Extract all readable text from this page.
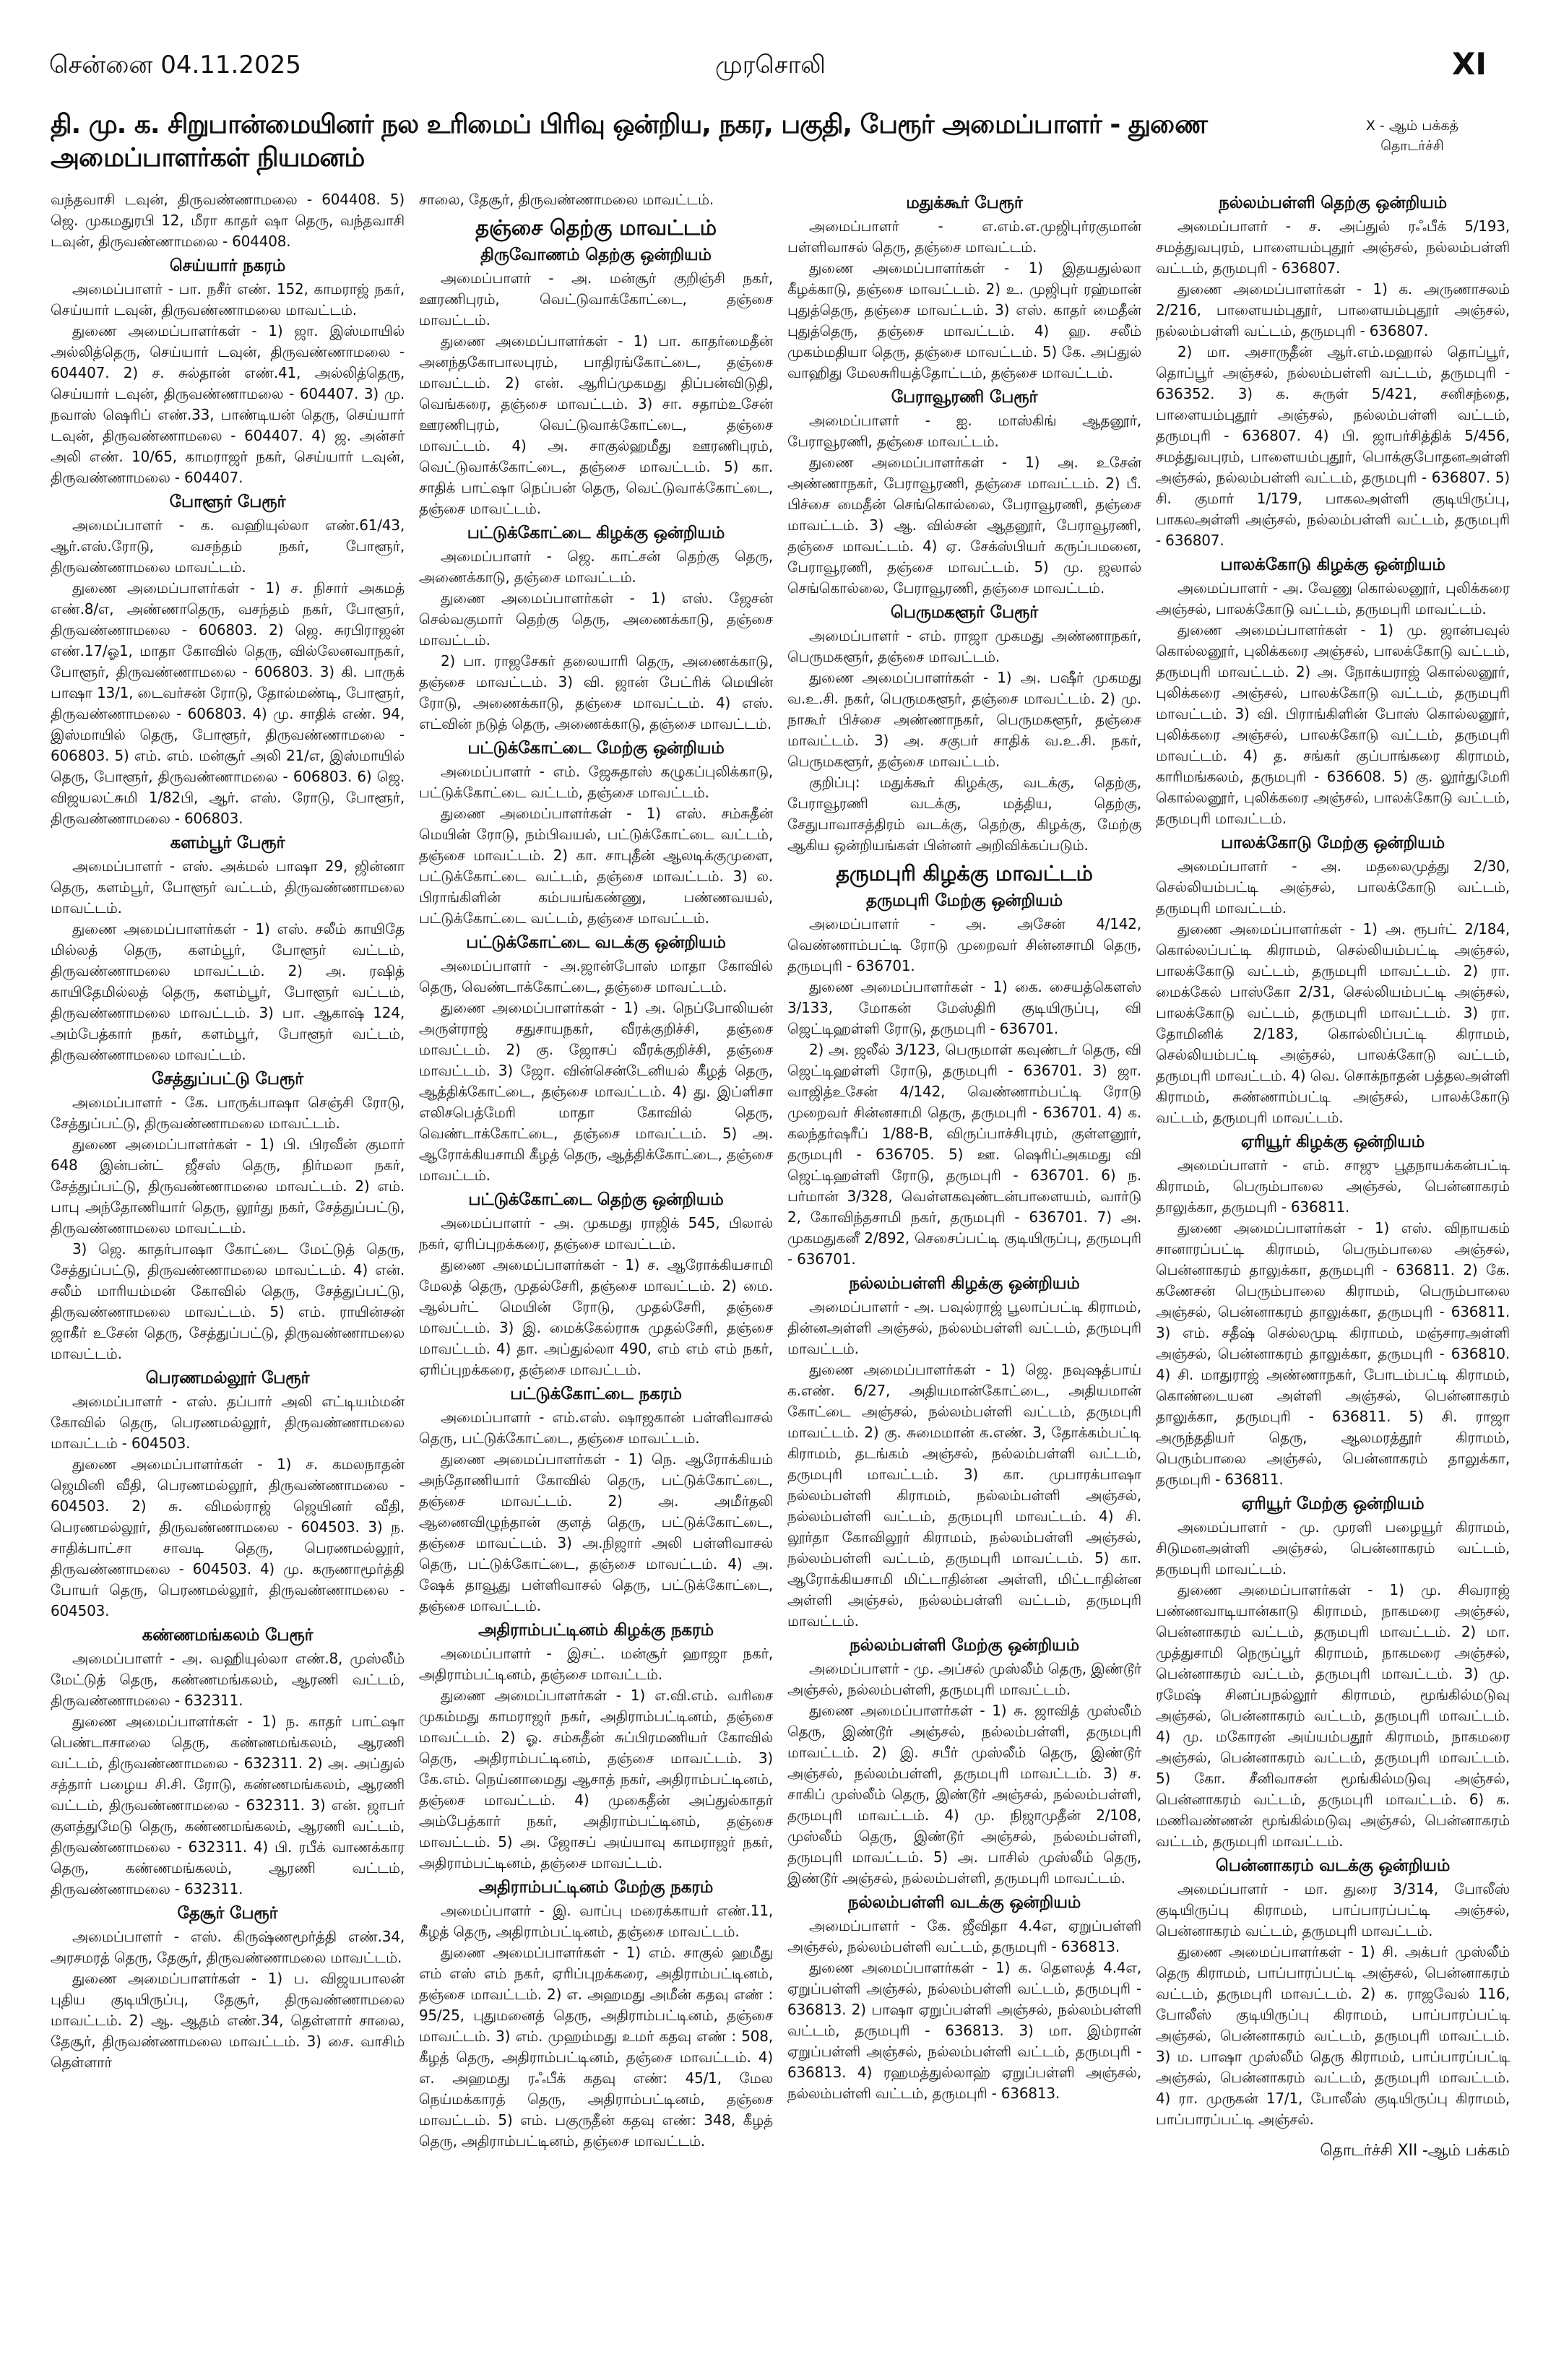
சென்னை 04.11.2025	முரசொலி	XI
தி. மு. க. சிறுபான்மையினர் நல உரிமைப் பிரிவு ஒன்றிய, நகர, பகுதி, பேரூர் அமைப்பாளர் - துணை அமைப்பாளர்கள் நியமனம்
X - ஆம் பக்கத் தொடர்ச்சி
வந்தவாசி டவுன், திருவண்ணாமலை - 604408. 5) ஜெ. முகமதுரபி 12, மீரா காதர் ஷா தெரு, வந்தவாசி டவுன், திருவண்ணாமலை - 604408.
செய்யார் நகரம்
அமைப்பாளர் - பா. நசீர் எண். 152, காமராஜ் நகர், செய்யார் டவுன், திருவண்ணாமலை மாவட்டம்.
துணை அமைப்பாளர்கள் - 1) ஜா. இஸ்மாயில் அல்லித்தெரு, செய்யார் டவுன், திருவண்ணாமலை - 604407. 2) ச. சுல்தான் எண்.41, அல்லித்தெரு, செய்யார் டவுன், திருவண்ணாமலை - 604407. 3) மு. நவாஸ் ஷெரிப் எண்.33, பாண்டியன் தெரு, செய்யார் டவுன், திருவண்ணாமலை - 604407. 4) ஜ. அன்சர் அலி எண். 10/65, காமராஜர் நகர், செய்யார் டவுன், திருவண்ணாமலை - 604407.
போளூர் பேரூர்
அமைப்பாளர் - க. வஹியுல்லா எண்.61/43, ஆர்.எஸ்.ரோடு, வசந்தம் நகர், போளூர், திருவண்ணாமலை மாவட்டம்.
துணை அமைப்பாளர்கள் - 1) ச. நிசார் அகமத் எண்.8/எ, அண்ணாதெரு, வசந்தம் நகர், போளூர், திருவண்ணாமலை - 606803. 2) ஜெ. சுரபிராஜன் எண்.17/ஓ1, மாதா கோவில் தெரு, வில்லேனவாநகர், போளூர், திருவண்ணாமலை - 606803. 3) கி. பாருக் பாஷா 13/1, டைவர்சன் ரோடு, தோல்மண்டி, போளூர், திருவண்ணாமலை - 606803. 4) மு. சாதிக் எண். 94, இஸ்மாயில் தெரு, போளூர், திருவண்ணாமலை - 606803. 5) எம். எம். மன்சூர் அலி 21/எ, இஸ்மாயில் தெரு, போளூர், திருவண்ணாமலை - 606803. 6) ஜெ. விஜயலட்சுமி 1/82பி, ஆர். எஸ். ரோடு, போளூர், திருவண்ணாமலை - 606803.
களம்பூர் பேரூர்
அமைப்பாளர் - எஸ். அக்மல் பாஷா 29, ஜின்னா தெரு, களம்பூர், போளூர் வட்டம், திருவண்ணாமலை மாவட்டம்.
துணை அமைப்பாளர்கள் - 1) எஸ். சலீம் காயிதே மில்லத் தெரு, களம்பூர், போளூர் வட்டம், திருவண்ணாமலை மாவட்டம். 2) அ. ரஷித் காயிதேமில்லத் தெரு, களம்பூர், போளூர் வட்டம், திருவண்ணாமலை மாவட்டம். 3) பா. ஆகாஷ் 124, அம்பேத்கார் நகர், களம்பூர், போளூர் வட்டம், திருவண்ணாமலை மாவட்டம்.
சேத்துப்பட்டு பேரூர்
அமைப்பாளர் - கே. பாருக்பாஷா செஞ்சி ரோடு, சேத்துப்பட்டு, திருவண்ணாமலை மாவட்டம்.
துணை அமைப்பாளர்கள் - 1) பி. பிரவீன் குமார் 648 இன்பன்ட் ஜீசஸ் தெரு, நிர்மலா நகர், சேத்துப்பட்டு, திருவண்ணாமலை மாவட்டம். 2) எம். பாபு அந்தோணியார் தெரு, லூர்து நகர், சேத்துப்பட்டு, திருவண்ணாமலை மாவட்டம்.
3) ஜெ. காதர்பாஷா கோட்டை மேட்டுத் தெரு, சேத்துப்பட்டு, திருவண்ணாமலை மாவட்டம். 4) என். சலீம் மாரியம்மன் கோவில் தெரு, சேத்துப்பட்டு, திருவண்ணாமலை மாவட்டம். 5) எம். ராயின்சன் ஜாகீர் உசேன் தெரு, சேத்துப்பட்டு, திருவண்ணாமலை மாவட்டம்.
பெரணமல்லூர் பேரூர்
அமைப்பாளர் - எஸ். தப்பார் அலி எட்டியம்மன் கோவில் தெரு, பெரணமல்லூர், திருவண்ணாமலை மாவட்டம் - 604503.
துணை அமைப்பாளர்கள் - 1) ச. கமலநாதன் ஜெமினி வீதி, பெரணமல்லூர், திருவண்ணாமலை - 604503. 2) சு. விமல்ராஜ் ஜெயினர் வீதி, பெரணமல்லூர், திருவண்ணாமலை - 604503. 3) ந. சாதிக்பாட்சா சாவடி தெரு, பெரணமல்லூர், திருவண்ணாமலை - 604503. 4) மு. கருணாமூர்த்தி போயர் தெரு, பெரணமல்லூர், திருவண்ணாமலை - 604503.
கண்ணமங்கலம் பேரூர்
அமைப்பாளர் - அ. வஹியுல்லா எண்.8, முஸ்லீம் மேட்டுத் தெரு, கண்ணமங்கலம், ஆரணி வட்டம், திருவண்ணாமலை - 632311.
துணை அமைப்பாளர்கள் - 1) ந. காதர் பாட்ஷா பெண்டாசாலை தெரு, கண்ணமங்கலம், ஆரணி வட்டம், திருவண்ணாமலை - 632311. 2) அ. அப்துல் சத்தார் பழைய சி.சி. ரோடு, கண்ணமங்கலம், ஆரணி வட்டம், திருவண்ணாமலை - 632311. 3) என். ஜாபர் குளத்துமேடு தெரு, கண்ணமங்கலம், ஆரணி வட்டம், திருவண்ணாமலை - 632311. 4) பி. ரபீக் வாணக்கார தெரு, கண்ணமங்கலம், ஆரணி வட்டம், திருவண்ணாமலை - 632311.
தேசூர் பேரூர்
அமைப்பாளர் - எஸ். கிருஷ்ணமூர்த்தி எண்.34, அரசமரத் தெரு, தேசூர், திருவண்ணாமலை மாவட்டம்.
துணை அமைப்பாளர்கள் - 1) ப. விஜயபாலன் புதிய குடியிருப்பு, தேசூர், திருவண்ணாமலை மாவட்டம். 2) ஆ. ஆதம் எண்.34, தெள்ளார் சாலை, தேசூர், திருவண்ணாமலை மாவட்டம். 3) சை. வாசிம் தெள்ளார்
சாலை, தேசூர், திருவண்ணாமலை மாவட்டம்.
தஞ்சை தெற்கு மாவட்டம்
திருவோணம் தெற்கு ஒன்றியம்
அமைப்பாளர் - அ. மன்சூர் குறிஞ்சி நகர், ஊரணிபுரம், வெட்டுவாக்கோட்டை, தஞ்சை மாவட்டம்.
துணை அமைப்பாளர்கள் - 1) பா. காதர்மைதீன் அனந்தகோபாலபுரம், பாதிரங்கோட்டை, தஞ்சை மாவட்டம். 2) என். ஆரிப்முகமது திப்பன்விடுதி, வெங்கரை, தஞ்சை மாவட்டம். 3) சா. சதாம்உசேன் ஊரணிபுரம், வெட்டுவாக்கோட்டை, தஞ்சை மாவட்டம். 4) அ. சாகுல்ஹமீது ஊரணிபுரம், வெட்டுவாக்கோட்டை, தஞ்சை மாவட்டம். 5) கா. சாதிக் பாட்ஷா நெப்பன் தெரு, வெட்டுவாக்கோட்டை, தஞ்சை மாவட்டம்.
பட்டுக்கோட்டை கிழக்கு ஒன்றியம்
அமைப்பாளர் - ஜெ. காட்சன் தெற்கு தெரு, அணைக்காடு, தஞ்சை மாவட்டம்.
துணை அமைப்பாளர்கள் - 1) எஸ். ஜேசன் செல்வகுமார் தெற்கு தெரு, அணைக்காடு, தஞ்சை மாவட்டம்.
2) பா. ராஜசேகர் தலையாரி தெரு, அணைக்காடு, தஞ்சை மாவட்டம். 3) வி. ஜான் பேட்ரிக் மெயின் ரோடு, அணைக்காடு, தஞ்சை மாவட்டம். 4) எஸ். எட்வின் நடுத் தெரு, அணைக்காடு, தஞ்சை மாவட்டம்.
பட்டுக்கோட்டை மேற்கு ஒன்றியம்
அமைப்பாளர் - எம். ஜேசுதாஸ் கழுகப்புலிக்காடு, பட்டுக்கோட்டை வட்டம், தஞ்சை மாவட்டம்.
துணை அமைப்பாளர்கள் - 1) எஸ். சம்சுதீன் மெயின் ரோடு, நம்பிவயல், பட்டுக்கோட்டை வட்டம், தஞ்சை மாவட்டம். 2) கா. சாபுதீன் ஆலடிக்குமுளை, பட்டுக்கோட்டை வட்டம், தஞ்சை மாவட்டம். 3) ல. பிராங்கிளின் கம்பயங்கண்ணு, பண்ணவயல், பட்டுக்கோட்டை வட்டம், தஞ்சை மாவட்டம்.
பட்டுக்கோட்டை வடக்கு ஒன்றியம்
அமைப்பாளர் - அ.ஜான்போஸ் மாதா கோவில் தெரு, வெண்டாக்கோட்டை, தஞ்சை மாவட்டம்.
துணை அமைப்பாளர்கள் - 1) அ. நெப்போலியன் அருள்ராஜ் சதுசாயநகர், வீரக்குறிச்சி, தஞ்சை மாவட்டம். 2) கு. ஜோசப் வீரக்குறிச்சி, தஞ்சை மாவட்டம். 3) ஜோ. வின்சென்டேனியல் கீழத் தெரு, ஆத்திக்கோட்டை, தஞ்சை மாவட்டம். 4) து. இப்ளிசா எலிசபெத்மேரி மாதா கோவில் தெரு, வெண்டாக்கோட்டை, தஞ்சை மாவட்டம். 5) அ. ஆரோக்கியசாமி கீழத் தெரு, ஆத்திக்கோட்டை, தஞ்சை மாவட்டம்.
பட்டுக்கோட்டை தெற்கு ஒன்றியம்
அமைப்பாளர் - அ. முகமது ராஜிக் 545, பிலால் நகர், ஏரிப்புறக்கரை, தஞ்சை மாவட்டம்.
துணை அமைப்பாளர்கள் - 1) ச. ஆரோக்கியசாமி மேலத் தெரு, முதல்சேரி, தஞ்சை மாவட்டம். 2) மை. ஆல்பர்ட் மெயின் ரோடு, முதல்சேரி, தஞ்சை மாவட்டம். 3) இ. மைக்கேல்ராசு முதல்சேரி, தஞ்சை மாவட்டம். 4) தா. அப்துல்லா 490, எம் எம் எம் நகர், ஏரிப்புறக்கரை, தஞ்சை மாவட்டம்.
பட்டுக்கோட்டை நகரம்
அமைப்பாளர் - எம்.எஸ். ஷாஜகான் பள்ளிவாசல் தெரு, பட்டுக்கோட்டை, தஞ்சை மாவட்டம்.
துணை அமைப்பாளர்கள் - 1) நெ. ஆரோக்கியம் அந்தோணியார் கோவில் தெரு, பட்டுக்கோட்டை, தஞ்சை மாவட்டம். 2) அ. அமீர்தலி ஆணைவிழுந்தான் குளத் தெரு, பட்டுக்கோட்டை, தஞ்சை மாவட்டம். 3) அ.நிஜார் அலி பள்ளிவாசல் தெரு, பட்டுக்கோட்டை, தஞ்சை மாவட்டம். 4) அ. ஷேக் தாவூது பள்ளிவாசல் தெரு, பட்டுக்கோட்டை, தஞ்சை மாவட்டம்.
அதிராம்பட்டினம் கிழக்கு நகரம்
அமைப்பாளர் - இசட். மன்சூர் ஹாஜா நகர், அதிராம்பட்டினம், தஞ்சை மாவட்டம்.
துணை அமைப்பாளர்கள் - 1) எ.வி.எம். வரிசை முகம்மது காமராஜர் நகர், அதிராம்பட்டினம், தஞ்சை மாவட்டம். 2) ஓ. சம்சுதீன் சுப்பிரமணியர் கோவில் தெரு, அதிராம்பட்டினம், தஞ்சை மாவட்டம். 3) கே.எம். நெய்னாமைது ஆசாத் நகர், அதிராம்பட்டினம், தஞ்சை மாவட்டம். 4) முகைதீன் அப்துல்காதர் அம்பேத்கார் நகர், அதிராம்பட்டினம், தஞ்சை மாவட்டம். 5) அ. ஜோசப் அய்யாவு காமராஜர் நகர், அதிராம்பட்டினம், தஞ்சை மாவட்டம்.
அதிராம்பட்டினம் மேற்கு நகரம்
அமைப்பாளர் - இ. வாப்பு மரைக்காயர் எண்.11, கீழத் தெரு, அதிராம்பட்டினம், தஞ்சை மாவட்டம்.
துணை அமைப்பாளர்கள் - 1) எம். சாகுல் ஹமீது எம் எஸ் எம் நகர், ஏரிப்புறக்கரை, அதிராம்பட்டினம், தஞ்சை மாவட்டம். 2) எ. அஹமது அமீன் கதவு எண் : 95/25, புதுமனைத் தெரு, அதிராம்பட்டினம், தஞ்சை மாவட்டம். 3) எம். முஹம்மது உமர் கதவு எண் : 508, கீழத் தெரு, அதிராம்பட்டினம், தஞ்சை மாவட்டம். 4) எ. அஹமது ரஃபீக் கதவு எண்: 45/1, மேல நெய்மக்காரத் தெரு, அதிராம்பட்டினம், தஞ்சை மாவட்டம். 5) எம். பகுருதீன் கதவு எண்: 348, கீழத் தெரு, அதிராம்பட்டினம், தஞ்சை மாவட்டம்.
மதுக்கூர் பேரூர்
அமைப்பாளர் - எ.எம்.எ.முஜிபுர்ரகுமான் பள்ளிவாசல் தெரு, தஞ்சை மாவட்டம்.
துணை அமைப்பாளர்கள் - 1) இதயதுல்லா கீழக்காடு, தஞ்சை மாவட்டம். 2) உ. முஜிபுர் ரஹ்மான் புதுத்தெரு, தஞ்சை மாவட்டம். 3) எஸ். காதர் மைதீன் புதுத்தெரு, தஞ்சை மாவட்டம். 4) ஹ. சலீம் முகம்மதியா தெரு, தஞ்சை மாவட்டம். 5) கே. அப்துல் வாஹிது மேலசுரியத்தோட்டம், தஞ்சை மாவட்டம்.
பேராவூரணி பேரூர்
அமைப்பாளர் - ஐ. மாஸ்கிங் ஆதனூர், பேராவூரணி, தஞ்சை மாவட்டம்.
துணை அமைப்பாளர்கள் - 1) அ. உசேன் அண்ணாநகர், பேராவூரணி, தஞ்சை மாவட்டம். 2) பீ. பிச்சை மைதீன் செங்கொல்லை, பேராவூரணி, தஞ்சை மாவட்டம். 3) ஆ. வில்சன் ஆதனூர், பேராவூரணி, தஞ்சை மாவட்டம். 4) ஏ. சேக்ஸ்பியர் கருப்பமனை, பேராவூரணி, தஞ்சை மாவட்டம். 5) மு. ஜலால் செங்கொல்லை, பேராவூரணி, தஞ்சை மாவட்டம்.
பெருமகளூர் பேரூர்
அமைப்பாளர் - எம். ராஜா முகமது அண்ணாநகர், பெருமகளூர், தஞ்சை மாவட்டம்.
துணை அமைப்பாளர்கள் - 1) அ. பஷீர் முகமது வ.உ.சி. நகர், பெருமகளூர், தஞ்சை மாவட்டம். 2) மு. நாகூர் பிச்சை அண்ணாநகர், பெருமகளூர், தஞ்சை மாவட்டம். 3) அ. சகுபர் சாதிக் வ.உ.சி. நகர், பெருமகளூர், தஞ்சை மாவட்டம்.
குறிப்பு: மதுக்கூர் கிழக்கு, வடக்கு, தெற்கு, பேராவூரணி வடக்கு, மத்திய, தெற்கு, சேதுபாவாசத்திரம் வடக்கு, தெற்கு, கிழக்கு, மேற்கு ஆகிய ஒன்றியங்கள் பின்னர் அறிவிக்கப்படும்.
தருமபுரி கிழக்கு மாவட்டம்
தருமபுரி மேற்கு ஒன்றியம்
அமைப்பாளர் - அ. அசேன் 4/142, வெண்ணாம்பட்டி ரோடு முறைவர் சின்னசாமி தெரு, தருமபுரி - 636701.
துணை அமைப்பாளர்கள் - 1) கை. சையத்கௌஸ் 3/133, மோகன் மேஸ்திரி குடியிருப்பு, வி ஜெட்டிஹள்ளி ரோடு, தருமபுரி - 636701.
2) அ. ஜலீல் 3/123, பெருமாள் கவுண்டர் தெரு, வி ஜெட்டிஹள்ளி ரோடு, தருமபுரி - 636701. 3) ஜா. வாஜித்உசேன் 4/142, வெண்ணாம்பட்டி ரோடு முறைவர் சின்னசாமி தெரு, தருமபுரி - 636701. 4) க. கலந்தர்ஷரீப் 1/88-B, விருப்பாச்சிபுரம், குள்ளனூர், தருமபுரி - 636705. 5) ஊ. ஷெரிப்அகமது வி ஜெட்டிஹள்ளி ரோடு, தருமபுரி - 636701. 6) ந. பர்மான் 3/328, வெள்ளகவுண்டன்பாளையம், வார்டு 2, கோவிந்தசாமி நகர், தருமபுரி - 636701. 7) அ. முகமதுகனீ 2/892, செசைப்பட்டி குடியிருப்பு, தருமபுரி - 636701.
நல்லம்பள்ளி கிழக்கு ஒன்றியம்
அமைப்பாளர் - அ. பவுல்ராஜ் பூலாப்பட்டி கிராமம், தின்னஅள்ளி அஞ்சல், நல்லம்பள்ளி வட்டம், தருமபுரி மாவட்டம்.
துணை அமைப்பாளர்கள் - 1) ஜெ. நவுஷத்பாய் க.எண். 6/27, அதியமான்கோட்டை, அதியமான் கோட்டை அஞ்சல், நல்லம்பள்ளி வட்டம், தருமபுரி மாவட்டம். 2) கு. சுமைமான் க.எண். 3, தோக்கம்பட்டி கிராமம், தடங்கம் அஞ்சல், நல்லம்பள்ளி வட்டம், தருமபுரி மாவட்டம். 3) கா. முபாரக்பாஷா நல்லம்பள்ளி கிராமம், நல்லம்பள்ளி அஞ்சல், நல்லம்பள்ளி வட்டம், தருமபுரி மாவட்டம். 4) சி. லூர்தா கோவிலூர் கிராமம், நல்லம்பள்ளி அஞ்சல், நல்லம்பள்ளி வட்டம், தருமபுரி மாவட்டம். 5) கா. ஆரோக்கியசாமி மிட்டாதின்ன அள்ளி, மிட்டாதின்ன அள்ளி அஞ்சல், நல்லம்பள்ளி வட்டம், தருமபுரி மாவட்டம்.
நல்லம்பள்ளி மேற்கு ஒன்றியம்
அமைப்பாளர் - மு. அப்சல் முஸ்லீம் தெரு, இண்டூர் அஞ்சல், நல்லம்பள்ளி, தருமபுரி மாவட்டம்.
துணை அமைப்பாளர்கள் - 1) சு. ஜாவித் முஸ்லீம் தெரு, இண்டூர் அஞ்சல், நல்லம்பள்ளி, தருமபுரி மாவட்டம். 2) இ. சபீர் முஸ்லீம் தெரு, இண்டூர் அஞ்சல், நல்லம்பள்ளி, தருமபுரி மாவட்டம். 3) ச. சாகிப் முஸ்லீம் தெரு, இண்டூர் அஞ்சல், நல்லம்பள்ளி, தருமபுரி மாவட்டம். 4) மு. நிஜாமுதீன் 2/108, முஸ்லீம் தெரு, இண்டூர் அஞ்சல், நல்லம்பள்ளி, தருமபுரி மாவட்டம். 5) அ. பாசில் முஸ்லீம் தெரு, இண்டூர் அஞ்சல், நல்லம்பள்ளி, தருமபுரி மாவட்டம்.
நல்லம்பள்ளி வடக்கு ஒன்றியம்
அமைப்பாளர் - கே. ஜீவிதா 4.4எ, ஏறுப்பள்ளி அஞ்சல், நல்லம்பள்ளி வட்டம், தருமபுரி - 636813.
துணை அமைப்பாளர்கள் - 1) க. தௌலத் 4.4எ, ஏறுப்பள்ளி அஞ்சல், நல்லம்பள்ளி வட்டம், தருமபுரி - 636813. 2) பாஷா ஏறுப்பள்ளி அஞ்சல், நல்லம்பள்ளி வட்டம், தருமபுரி - 636813. 3) மா. இம்ரான் ஏறுப்பள்ளி அஞ்சல், நல்லம்பள்ளி வட்டம், தருமபுரி - 636813. 4) ரஹமத்துல்லாஹ் ஏறுப்பள்ளி அஞ்சல், நல்லம்பள்ளி வட்டம், தருமபுரி - 636813.
நல்லம்பள்ளி தெற்கு ஒன்றியம்
அமைப்பாளர் - ச. அப்துல் ரஃபீக் 5/193, சமத்துவபுரம், பாளையம்புதூர் அஞ்சல், நல்லம்பள்ளி வட்டம், தருமபுரி - 636807.
துணை அமைப்பாளர்கள் - 1) க. அருணாசலம் 2/216, பாளையம்புதூர், பாளையம்புதூர் அஞ்சல், நல்லம்பள்ளி வட்டம், தருமபுரி - 636807.
2) மா. அசாருதீன் ஆர்.எம்.மஹால் தொப்பூர், தொப்பூர் அஞ்சல், நல்லம்பள்ளி வட்டம், தருமபுரி - 636352. 3) க. சுருள் 5/421, சனிசந்தை, பாளையம்புதூர் அஞ்சல், நல்லம்பள்ளி வட்டம், தருமபுரி - 636807. 4) பி. ஜாபர்சித்திக் 5/456, சமத்துவபுரம், பாளையம்புதூர், பொக்குபோதனஅள்ளி அஞ்சல், நல்லம்பள்ளி வட்டம், தருமபுரி - 636807. 5) சி. குமார் 1/179, பாகலஅள்ளி குடியிருப்பு, பாகலஅள்ளி அஞ்சல், நல்லம்பள்ளி வட்டம், தருமபுரி - 636807.
பாலக்கோடு கிழக்கு ஒன்றியம்
அமைப்பாளர் - அ. வேணு கொல்லனூர், புலிக்கரை அஞ்சல், பாலக்கோடு வட்டம், தருமபுரி மாவட்டம்.
துணை அமைப்பாளர்கள் - 1) மு. ஜான்பவுல் கொல்லனூர், புலிக்கரை அஞ்சல், பாலக்கோடு வட்டம், தருமபுரி மாவட்டம். 2) அ. நோக்யராஜ் கொல்லனூர், புலிக்கரை அஞ்சல், பாலக்கோடு வட்டம், தருமபுரி மாவட்டம். 3) வி. பிராங்கிளின் போஸ் கொல்லனூர், புலிக்கரை அஞ்சல், பாலக்கோடு வட்டம், தருமபுரி மாவட்டம். 4) த. சங்கர் குப்பாங்கரை கிராமம், காரிமங்கலம், தருமபுரி - 636608. 5) கு. லூர்துமேரி கொல்லனூர், புலிக்கரை அஞ்சல், பாலக்கோடு வட்டம், தருமபுரி மாவட்டம்.
பாலக்கோடு மேற்கு ஒன்றியம்
அமைப்பாளர் - அ. மதலைமுத்து 2/30, செல்லியம்பட்டி அஞ்சல், பாலக்கோடு வட்டம், தருமபுரி மாவட்டம்.
துணை அமைப்பாளர்கள் - 1) அ. ரூபர்ட் 2/184, கொல்லப்பட்டி கிராமம், செல்லியம்பட்டி அஞ்சல், பாலக்கோடு வட்டம், தருமபுரி மாவட்டம். 2) ரா. மைக்கேல் பாஸ்கோ 2/31, செல்லியம்பட்டி அஞ்சல், பாலக்கோடு வட்டம், தருமபுரி மாவட்டம். 3) ரா. தோமினிக் 2/183, கொல்லிப்பட்டி கிராமம், செல்லியம்பட்டி அஞ்சல், பாலக்கோடு வட்டம், தருமபுரி மாவட்டம். 4) வெ. சொக்நாதன் பத்தலஅள்ளி கிராமம், சுண்ணாம்பட்டி அஞ்சல், பாலக்கோடு வட்டம், தருமபுரி மாவட்டம்.
ஏரியூர் கிழக்கு ஒன்றியம்
அமைப்பாளர் - எம். சாஜு பூதநாயக்கன்பட்டி கிராமம், பெரும்பாலை அஞ்சல், பென்னாகரம் தாலுக்கா, தருமபுரி - 636811.
துணை அமைப்பாளர்கள் - 1) எஸ். விநாயகம் சானாரப்பட்டி கிராமம், பெரும்பாலை அஞ்சல், பென்னாகரம் தாலுக்கா, தருமபுரி - 636811. 2) கே. கணேசன் பெரும்பாலை கிராமம், பெரும்பாலை அஞ்சல், பென்னாகரம் தாலுக்கா, தருமபுரி - 636811. 3) எம். சதீஷ் செல்லமுடி கிராமம், மஞ்சாரஅள்ளி அஞ்சல், பென்னாகரம் தாலுக்கா, தருமபுரி - 636810. 4) சி. மாதுராஜ் அண்ணாநகர், போடம்பட்டி கிராமம், கொண்டையன அள்ளி அஞ்சல், பென்னாகரம் தாலுக்கா, தருமபுரி - 636811. 5) சி. ராஜா அருந்ததியர் தெரு, ஆலமரத்தூர் கிராமம், பெரும்பாலை அஞ்சல், பென்னாகரம் தாலுக்கா, தருமபுரி - 636811.
ஏரியூர் மேற்கு ஒன்றியம்
அமைப்பாளர் - மு. முரளி பழையூர் கிராமம், சிடுமனஅள்ளி அஞ்சல், பென்னாகரம் வட்டம், தருமபுரி மாவட்டம்.
துணை அமைப்பாளர்கள் - 1) மு. சிவராஜ் பண்ணவாடியான்காடு கிராமம், நாகமரை அஞ்சல், பென்னாகரம் வட்டம், தருமபுரி மாவட்டம். 2) மா. முத்துசாமி நெருப்பூர் கிராமம், நாகமரை அஞ்சல், பென்னாகரம் வட்டம், தருமபுரி மாவட்டம். 3) மு. ரமேஷ் சினப்பநல்லூர் கிராமம், மூங்கில்மடுவு அஞ்சல், பென்னாகரம் வட்டம், தருமபுரி மாவட்டம். 4) மு. மகோரன் அய்யம்பதூர் கிராமம், நாகமரை அஞ்சல், பென்னாகரம் வட்டம், தருமபுரி மாவட்டம். 5) கோ. சீனிவாசன் மூங்கில்மடுவு அஞ்சல், பென்னாகரம் வட்டம், தருமபுரி மாவட்டம். 6) க. மணிவண்ணன் மூங்கில்மடுவு அஞ்சல், பென்னாகரம் வட்டம், தருமபுரி மாவட்டம்.
பென்னாகரம் வடக்கு ஒன்றியம்
அமைப்பாளர் - மா. துரை 3/314, போலீஸ் குடியிருப்பு கிராமம், பாப்பாரப்பட்டி அஞ்சல், பென்னாகரம் வட்டம், தருமபுரி மாவட்டம்.
துணை அமைப்பாளர்கள் - 1) சி. அக்பர் முஸ்லீம் தெரு கிராமம், பாப்பாரப்பட்டி அஞ்சல், பென்னாகரம் வட்டம், தருமபுரி மாவட்டம். 2) க. ராஜவேல் 116, போலீஸ் குடியிருப்பு கிராமம், பாப்பாரப்பட்டி அஞ்சல், பென்னாகரம் வட்டம், தருமபுரி மாவட்டம். 3) ம. பாஷா முஸ்லீம் தெரு கிராமம், பாப்பாரப்பட்டி அஞ்சல், பென்னாகரம் வட்டம், தருமபுரி மாவட்டம். 4) ரா. முருகன் 17/1, போலீஸ் குடியிருப்பு கிராமம், பாப்பாரப்பட்டி அஞ்சல்.
தொடர்ச்சி XII -ஆம் பக்கம்
